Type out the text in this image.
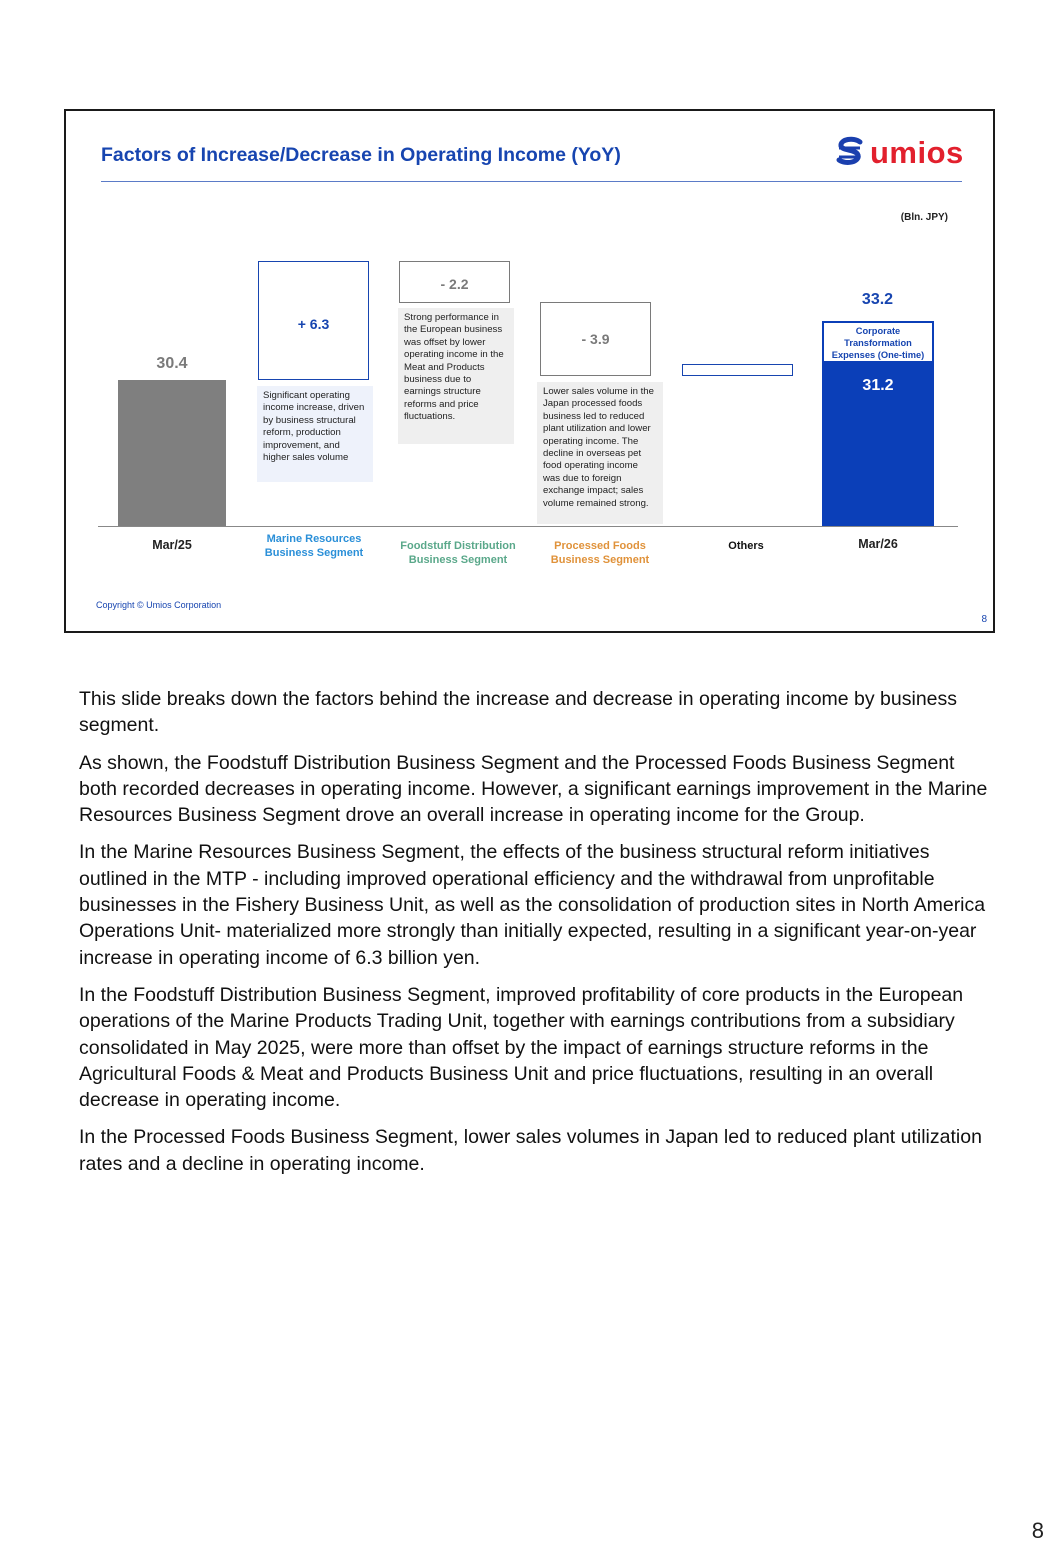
Factors of Increase/Decrease in Operating Income (YoY)	umios
(Bln. JPY)
30.4
+ 6.3
Significant operating income increase, driven by business structural reform, production improvement, and higher sales volume
- 2.2
Strong performance in the European business was offset by lower operating income in the Meat and Products business due to earnings structure reforms and price fluctuations.
- 3.9
Lower sales volume in the Japan processed foods business led to reduced plant utilization and lower operating income. The decline in overseas pet food operating income was due to foreign exchange impact; sales volume remained strong.
33.2
Corporate Transformation Expenses (One-time)
31.2
Mar/25	Marine Resources Business Segment
Foodstuff Distribution Business Segment
Processed Foods Business Segment
Others	Mar/26
Copyright © Umios Corporation
8

This slide breaks down the factors behind the increase and decrease in operating income by business segment.

As shown, the Foodstuff Distribution Business Segment and the Processed Foods Business Segment both recorded decreases in operating income. However, a significant earnings improvement in the Marine Resources Business Segment drove an overall increase in operating income for the Group.

In the Marine Resources Business Segment, the effects of the business structural reform initiatives outlined in the MTP - including improved operational efficiency and the withdrawal from unprofitable businesses in the Fishery Business Unit, as well as the consolidation of production sites in North America Operations Unit- materialized more strongly than initially expected, resulting in a significant year-on-year increase in operating income of 6.3 billion yen.

In the Foodstuff Distribution Business Segment, improved profitability of core products in the European operations of the Marine Products Trading Unit, together with earnings contributions from a subsidiary consolidated in May 2025, were more than offset by the impact of earnings structure reforms in the Agricultural Foods & Meat and Products Business Unit and price fluctuations, resulting in an overall decrease in operating income.

In the Processed Foods Business Segment, lower sales volumes in Japan led to reduced plant utilization rates and a decline in operating income.

8
